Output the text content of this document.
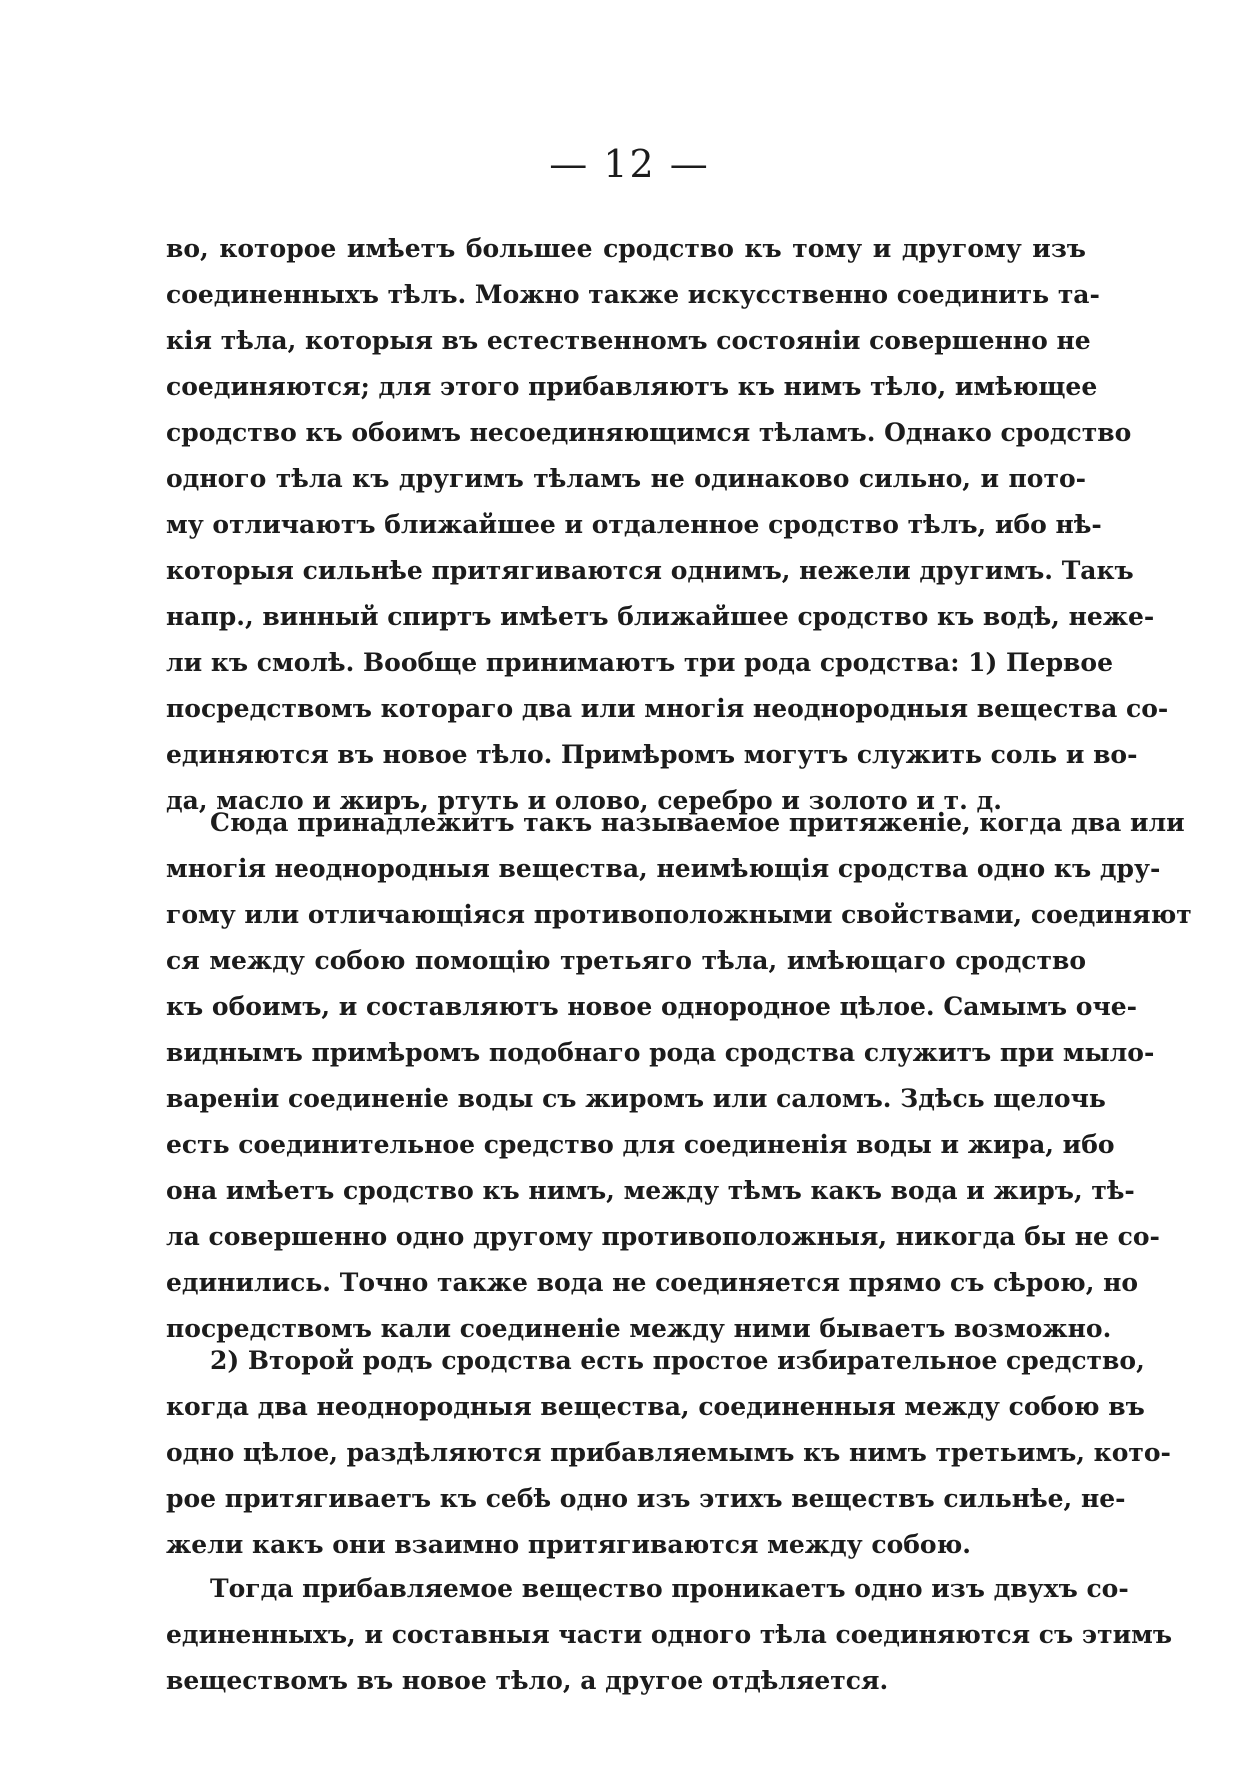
— 12 —
во, которое имѣетъ большее сродство къ тому и другому изъ
соединенныхъ тѣлъ. Можно также искусственно соединить та-
кія тѣла, которыя въ естественномъ состояніи совершенно не
соединяются; для этого прибавляютъ къ нимъ тѣло, имѣющее
сродство къ обоимъ несоединяющимся тѣламъ. Однако сродство
одного тѣла къ другимъ тѣламъ не одинаково сильно, и пото-
му отличаютъ ближайшее и отдаленное сродство тѣлъ, ибо нѣ-
которыя сильнѣе притягиваются однимъ, нежели другимъ. Такъ
напр., винный спиртъ имѣетъ ближайшее сродство къ водѣ, нежe-
ли къ смолѣ. Вообще принимаютъ три рода сродства: 1) Первое
посредствомъ котораго два или многія неоднородныя вещества со-
единяются въ новое тѣло. Примѣромъ могутъ служить соль и во-
да, масло и жиръ, ртуть и олово, серебро и золото и т. д.
Сюда принадлежитъ такъ называемое притяженіе, когда два или
многія неоднородныя вещества, неимѣющія сродства одно къ дру-
гому или отличающіяся противоположными свойствами, соединяют
ся между собою помощію третьяго тѣла, имѣющаго сродство
къ обоимъ, и составляютъ новое однородное цѣлое. Самымъ оче-
виднымъ примѣромъ подобнаго рода сродства служитъ при мыло-
вареніи соединеніе воды съ жиромъ или саломъ. Здѣсь щелочь
есть соединительное средство для соединенія воды и жира, ибо
она имѣетъ сродство къ нимъ, между тѣмъ какъ вода и жиръ, тѣ-
ла совершенно одно другому противоположныя, никогда бы не со-
единились. Точно также вода не соединяется прямо съ сѣрою, но
посредствомъ кали соединеніе между ними бываетъ возможно.
2) Второй родъ сродства есть простое избирательное средство,
когда два неоднородныя вещества, соединенныя между собою въ
одно цѣлое, раздѣляются прибавляемымъ къ нимъ третьимъ, кото-
рое притягиваетъ къ себѣ одно изъ этихъ веществъ сильнѣе, не-
жели какъ они взаимно притягиваются между собою.
Тогда прибавляемое вещество проникаетъ одно изъ двухъ со-
единенныхъ, и составныя части одного тѣла соединяются съ этимъ
веществомъ въ новое тѣло, а другое отдѣляется.
